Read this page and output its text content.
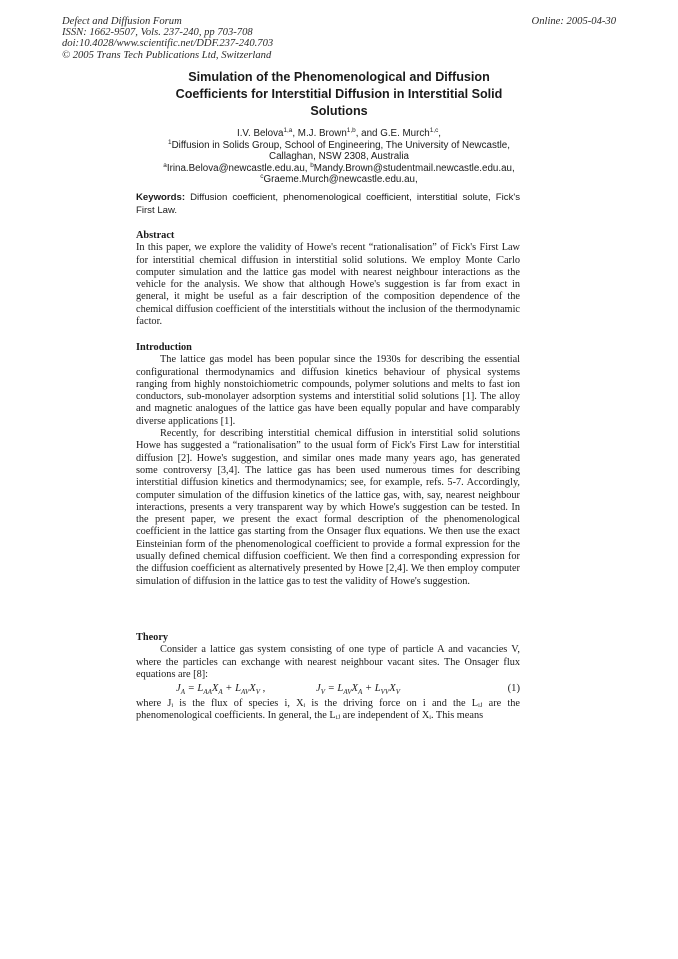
Defect and Diffusion Forum
ISSN: 1662-9507, Vols. 237-240, pp 703-708
doi:10.4028/www.scientific.net/DDF.237-240.703
© 2005 Trans Tech Publications Ltd, Switzerland
Online: 2005-04-30
Simulation of the Phenomenological and Diffusion
Coefficients for Interstitial Diffusion in Interstitial Solid
Solutions
I.V. Belova$^{1,a}$, M.J. Brown$^{1,b}$, and G.E. Murch$^{1,c}$,
$^1$Diffusion in Solids Group, School of Engineering, The University of Newcastle,
Callaghan, NSW 2308, Australia
$^a$Irina.Belova@newcastle.edu.au, $^b$Mandy.Brown@studentmail.newcastle.edu.au,
$^c$Graeme.Murch@newcastle.edu.au,
Keywords: Diffusion coefficient, phenomenological coefficient, interstitial solute, Fick's First Law.
Abstract

In this paper, we explore the validity of Howe's recent “rationalisation” of Fick's First Law for interstitial chemical diffusion in interstitial solid solutions. We employ Monte Carlo computer simulation and the lattice gas model with nearest neighbour interactions as the vehicle for the analysis. We show that although Howe's suggestion is far from exact in general, it might be useful as a fair description of the composition dependence of the chemical diffusion coefficient of the interstitials without the inclusion of the thermodynamic factor.

Introduction

The lattice gas model has been popular since the 1930s for describing the essential configurational thermodynamics and diffusion kinetics behaviour of physical systems ranging from highly nonstoichiometric compounds, polymer solutions and melts to fast ion conductors, sub-monolayer adsorption systems and interstitial solid solutions [1]. The alloy and magnetic analogues of the lattice gas have been equally popular and have comparably diverse applications [1].

Recently, for describing interstitial chemical diffusion in interstitial solid solutions Howe has suggested a “rationalisation” to the usual form of Fick's First Law for interstitial diffusion [2]. Howe's suggestion, and similar ones made many years ago, has generated some controversy [3,4]. The lattice gas has been used numerous times for describing interstitial diffusion kinetics and thermodynamics; see, for example, refs. 5-7. Accordingly, computer simulation of the diffusion kinetics of the lattice gas, with, say, nearest neighbour interactions, presents a very transparent way by which Howe's suggestion can be tested. In the present paper, we present the exact formal description of the phenomenological coefficient in the lattice gas starting from the Onsager flux equations. We then use the exact Einsteinian form of the phenomenological coefficient to provide a formal expression for the usually defined chemical diffusion coefficient. We then find a corresponding expression for the diffusion coefficient as alternatively presented by Howe [2,4]. We then employ computer simulation of diffusion in the lattice gas to test the validity of Howe's suggestion.

Theory

Consider a lattice gas system consisting of one type of particle A and vacancies V, where the particles can exchange with nearest neighbour vacant sites. The Onsager flux equations are [8]:

$J_A = L_{AA}X_A + L_{AV}X_V$ ,	$J_V = L_{AV}X_A + L_{VV}X_V$	(1)

where Jᵢ is the flux of species i, Xᵢ is the driving force on i and the Lᵢⱼ are the phenomenological coefficients. In general, the Lᵢⱼ are independent of Xᵢ. This means
